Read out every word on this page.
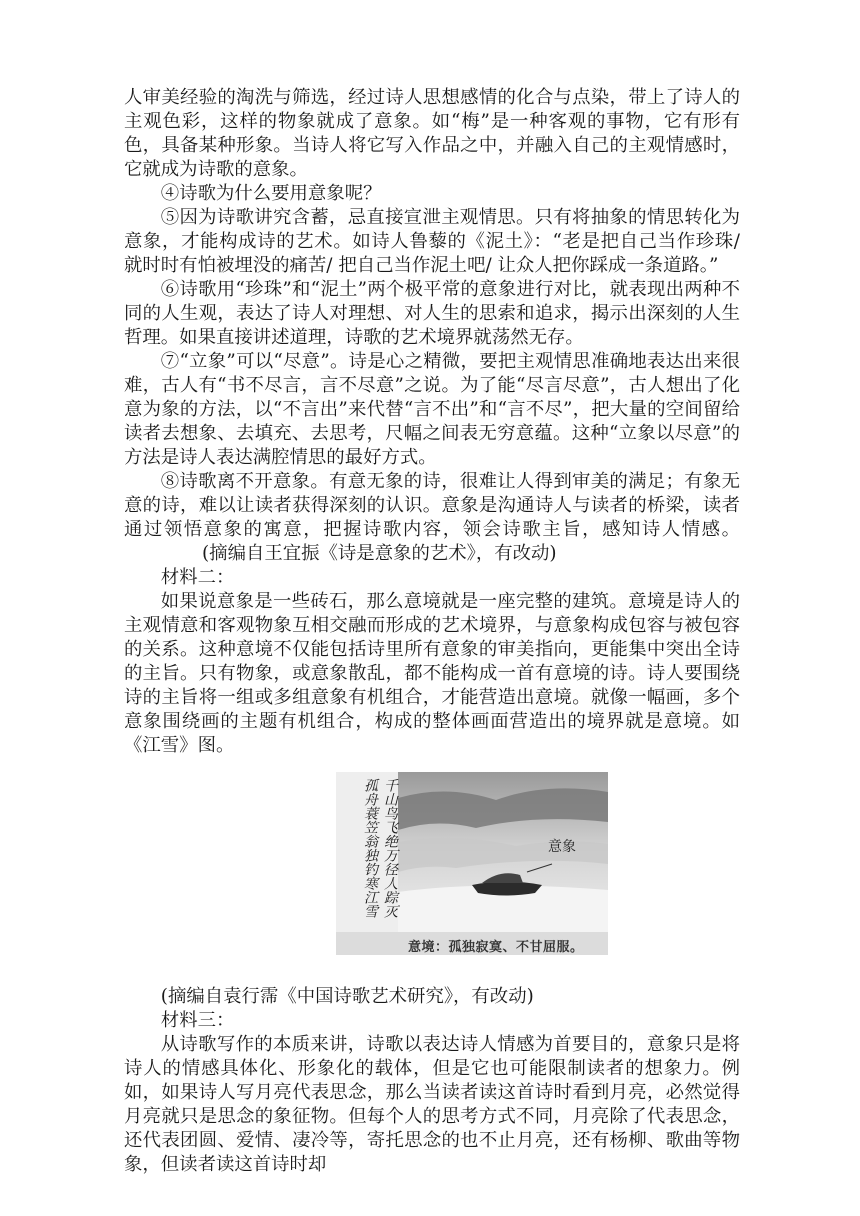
人审美经验的淘洗与筛选，经过诗人思想感情的化合与点染，带上了诗人的主观色彩，这样的物象就成了意象。如“梅”是一种客观的事物，它有形有色，具备某种形象。当诗人将它写入作品之中，并融入自己的主观情感时，它就成为诗歌的意象。

④诗歌为什么要用意象呢？

⑤因为诗歌讲究含蓄，忌直接宣泄主观情思。只有将抽象的情思转化为意象，才能构成诗的艺术。如诗人鲁藜的《泥土》：“老是把自己当作珍珠/ 就时时有怕被埋没的痛苦/ 把自己当作泥土吧/ 让众人把你踩成一条道路。”

⑥诗歌用“珍珠”和“泥土”两个极平常的意象进行对比，就表现出两种不同的人生观，表达了诗人对理想、对人生的思索和追求，揭示出深刻的人生哲理。如果直接讲述道理，诗歌的艺术境界就荡然无存。

⑦“立象”可以“尽意”。诗是心之精微，要把主观情思准确地表达出来很难，古人有“书不尽言，言不尽意”之说。为了能“尽言尽意”，古人想出了化意为象的方法，以“不言出”来代替“言不出”和“言不尽”，把大量的空间留给读者去想象、去填充、去思考，尺幅之间表无穷意蕴。这种“立象以尽意”的方法是诗人表达满腔情思的最好方式。

⑧诗歌离不开意象。有意无象的诗，很难让人得到审美的满足；有象无意的诗，难以让读者获得深刻的认识。意象是沟通诗人与读者的桥梁，读者通过领悟意象的寓意，把握诗歌内容，领会诗歌主旨，感知诗人情感。(摘编自王宜振《诗是意象的艺术》，有改动)

材料二：

如果说意象是一些砖石，那么意境就是一座完整的建筑。意境是诗人的主观情意和客观物象互相交融而形成的艺术境界，与意象构成包容与被包容的关系。这种意境不仅能包括诗里所有意象的审美指向，更能集中突出全诗的主旨。只有物象，或意象散乱，都不能构成一首有意境的诗。诗人要围绕诗的主旨将一组或多组意象有机组合，才能营造出意境。就像一幅画，多个意象围绕画的主题有机组合，构成的整体画面营造出的境界就是意境。如《江雪》图。

意象
意境：孤独寂寞、不甘屈服。
千山鸟飞绝万径人踪灭孤舟蓑笠翁独钓寒江雪

(摘编自袁行霈《中国诗歌艺术研究》，有改动)

材料三：

从诗歌写作的本质来讲，诗歌以表达诗人情感为首要目的，意象只是将诗人的情感具体化、形象化的载体，但是它也可能限制读者的想象力。例如，如果诗人写月亮代表思念，那么当读者读这首诗时看到月亮，必然觉得月亮就只是思念的象征物。但每个人的思考方式不同，月亮除了代表思念，还代表团圆、爱情、凄冷等，寄托思念的也不止月亮，还有杨柳、歌曲等物象，但读者读这首诗时却
